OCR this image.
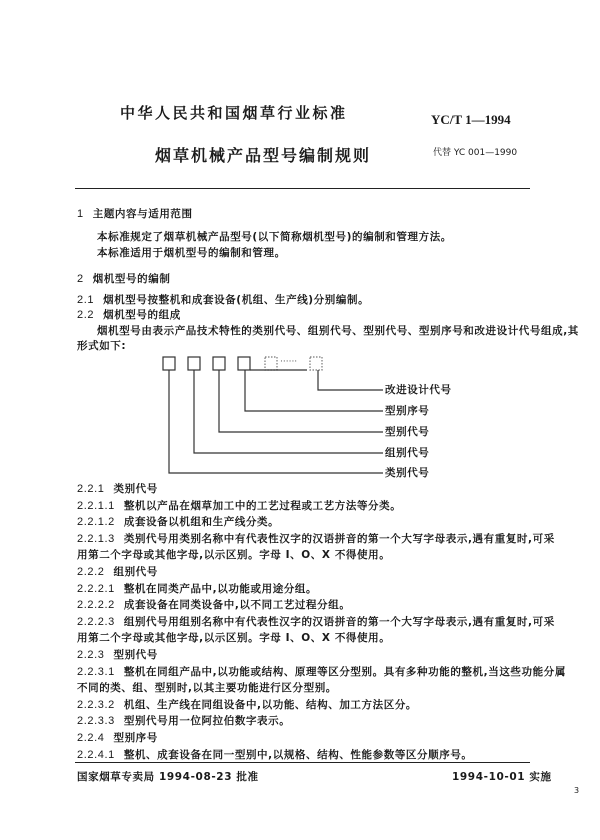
中华人民共和国烟草行业标准	YC/T 1—1994
烟草机械产品型号编制规则	代替 YC 001—1990
1 主题内容与适用范围
本标准规定了烟草机械产品型号(以下简称烟机型号)的编制和管理方法。
本标准适用于烟机型号的编制和管理。
2 烟机型号的编制
2.1 烟机型号按整机和成套设备(机组、生产线)分别编制。
2.2 烟机型号的组成
烟机型号由表示产品技术特性的类别代号、组别代号、型别代号、型别序号和改进设计代号组成,其
形式如下:
······
改进设计代号
型别序号
型别代号
组别代号
类别代号
2.2.1 类别代号
2.2.1.1 整机以产品在烟草加工中的工艺过程或工艺方法等分类。
2.2.1.2 成套设备以机组和生产线分类。
2.2.1.3 类别代号用类别名称中有代表性汉字的汉语拼音的第一个大写字母表示,遇有重复时,可采
用第二个字母或其他字母,以示区别。字母 I、O、X 不得使用。
2.2.2 组别代号
2.2.2.1 整机在同类产品中,以功能或用途分组。
2.2.2.2 成套设备在同类设备中,以不同工艺过程分组。
2.2.2.3 组别代号用组别名称中有代表性汉字的汉语拼音的第一个大写字母表示,遇有重复时,可采
用第二个字母或其他字母,以示区别。字母 I、O、X 不得使用。
2.2.3 型别代号
2.2.3.1 整机在同组产品中,以功能或结构、原理等区分型别。具有多种功能的整机,当这些功能分属
不同的类、组、型别时,以其主要功能进行区分型别。
2.2.3.2 机组、生产线在同组设备中,以功能、结构、加工方法区分。
2.2.3.3 型别代号用一位阿拉伯数字表示。
2.2.4 型别序号
2.2.4.1 整机、成套设备在同一型别中,以规格、结构、性能参数等区分顺序号。
国家烟草专卖局 1994-08-23 批准	1994-10-01 实施
3
